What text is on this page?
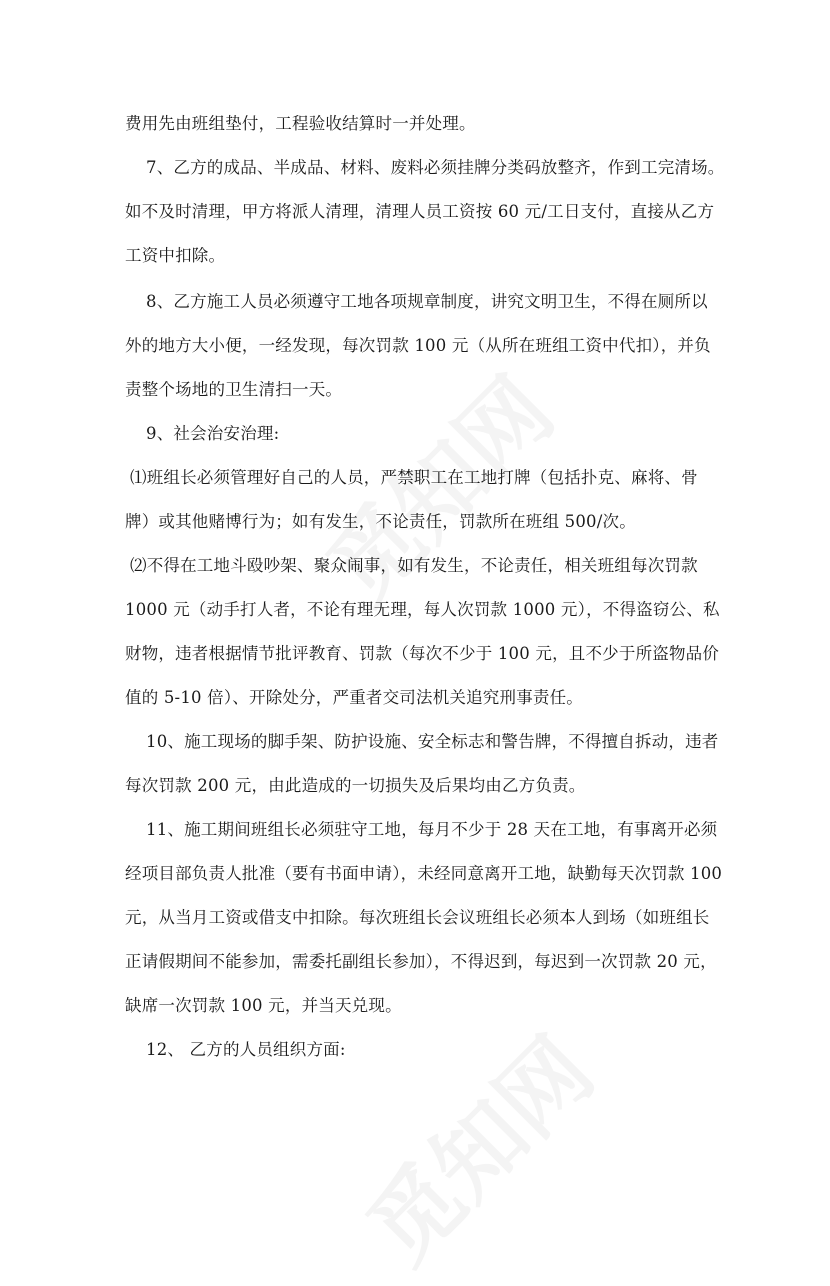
费用先由班组垫付，工程验收结算时一并处理。
7、乙方的成品、半成品、材料、废料必须挂牌分类码放整齐，作到工完清场。
如不及时清理，甲方将派人清理，清理人员工资按 60 元/工日支付，直接从乙方
工资中扣除。
8、乙方施工人员必须遵守工地各项规章制度，讲究文明卫生，不得在厕所以
外的地方大小便，一经发现，每次罚款 100 元（从所在班组工资中代扣），并负
责整个场地的卫生清扫一天。
9、社会治安治理:
⑴班组长必须管理好自己的人员，严禁职工在工地打牌（包括扑克、麻将、骨
牌）或其他赌博行为；如有发生，不论责任，罚款所在班组 500/次。
⑵不得在工地斗殴吵架、聚众闹事，如有发生，不论责任，相关班组每次罚款
1000 元（动手打人者，不论有理无理，每人次罚款 1000 元），不得盗窃公、私
财物，违者根据情节批评教育、罚款（每次不少于 100 元，且不少于所盗物品价
值的 5-10 倍）、开除处分，严重者交司法机关追究刑事责任。
10、施工现场的脚手架、防护设施、安全标志和警告牌，不得擅自拆动，违者
每次罚款 200 元，由此造成的一切损失及后果均由乙方负责。
11、施工期间班组长必须驻守工地，每月不少于 28 天在工地，有事离开必须
经项目部负责人批准（要有书面申请），未经同意离开工地，缺勤每天次罚款 100
元，从当月工资或借支中扣除。每次班组长会议班组长必须本人到场（如班组长
正请假期间不能参加，需委托副组长参加），不得迟到，每迟到一次罚款 20 元，
缺席一次罚款 100 元，并当天兑现。
12、 乙方的人员组织方面:
